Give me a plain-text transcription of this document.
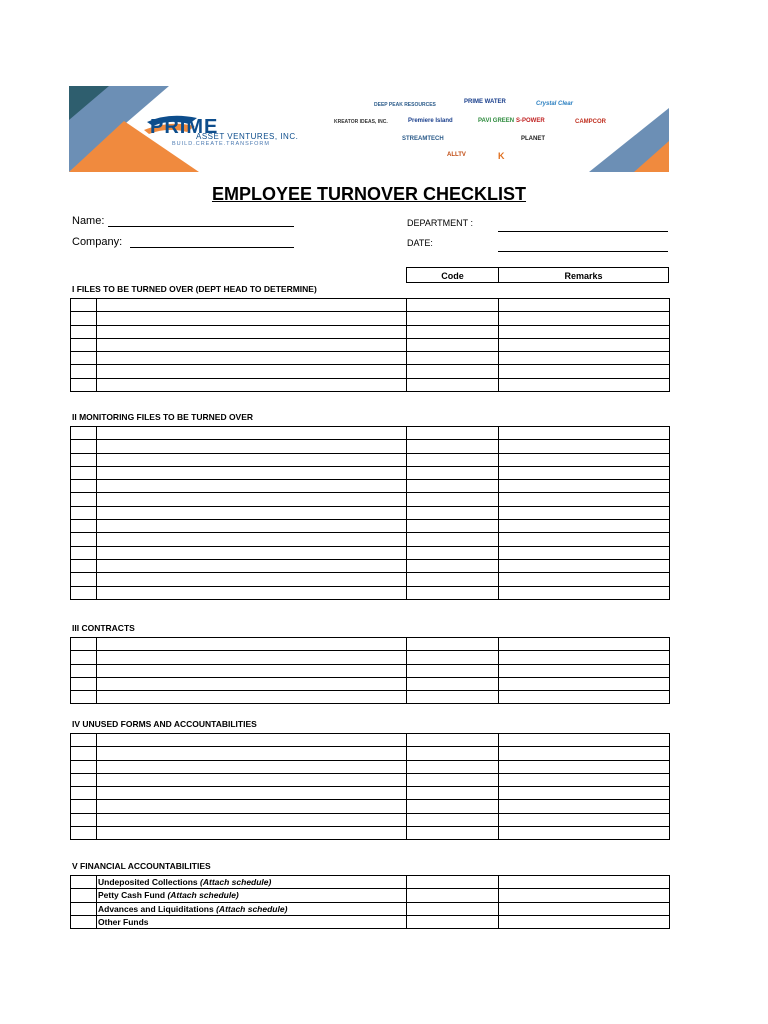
PRIME
ASSET VENTURES, INC.
BUILD.CREATE.TRANSFORM
DEEP PEAK RESOURCES	PRIME WATER	Crystal Clear
KREATOR IDEAS, INC.	Premiere Island	PAVI GREEN S-POWER	CAMPCOR
STREAMTECH	PLANET
ALLTV	K
EMPLOYEE TURNOVER CHECKLIST
Name:
Company:
DEPARTMENT :
DATE:
Code	Remarks
I FILES TO BE TURNED OVER (DEPT HEAD TO DETERMINE)

II MONITORING FILES TO BE TURNED OVER

III CONTRACTS

IV UNUSED FORMS AND ACCOUNTABILITIES

V FINANCIAL ACCOUNTABILITIES
	Undeposited Collections (Attach schedule)		
	Petty Cash Fund (Attach schedule)		
	Advances and Liquiditations (Attach schedule)		
	Other Funds		
